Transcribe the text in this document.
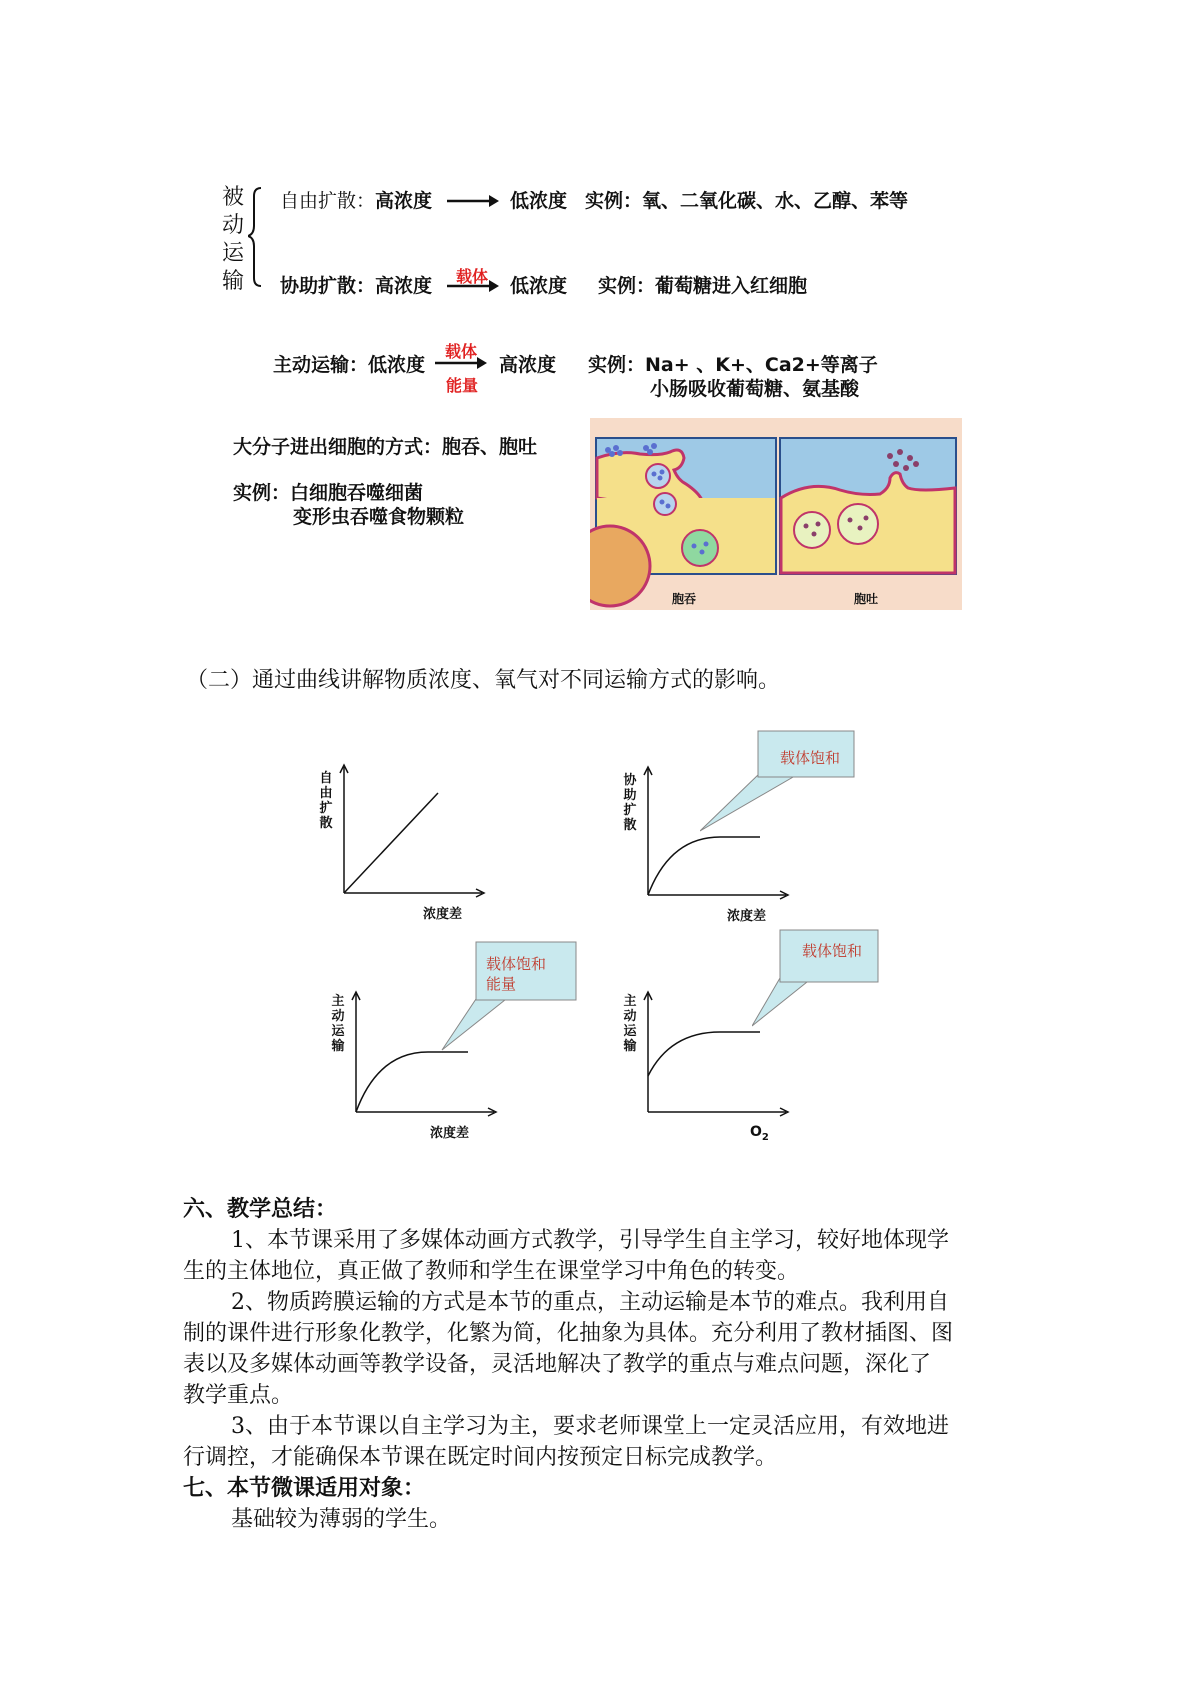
被
动
运
输
自由扩散：高浓度	低浓度 实例：氧、二氧化碳、水、乙醇、苯等
协助扩散：高浓度 载体 低浓度 实例：葡萄糖进入红细胞
主动运输：低浓度
载体
能量
高浓度 实例：Na+ 、K+、Ca2+等离子
小肠吸收葡萄糖、氨基酸
大分子进出细胞的方式：胞吞、胞吐
实例：白细胞吞噬细菌
变形虫吞噬食物颗粒
胞吞	胞吐
（二）通过曲线讲解物质浓度、氧气对不同运输方式的影响。
自
由
扩
散
浓度差
协
助
扩
散
浓度差
载体饱和
主
动
运
输
浓度差
载体饱和
能量
主
动
运
输
$O_2$
载体饱和
六、教学总结：
1、本节课采用了多媒体动画方式教学，引导学生自主学习，较好地体现学
生的主体地位，真正做了教师和学生在课堂学习中角色的转变。
2、物质跨膜运输的方式是本节的重点，主动运输是本节的难点。我利用自
制的课件进行形象化教学，化繁为简，化抽象为具体。充分利用了教材插图、图
表以及多媒体动画等教学设备，灵活地解决了教学的重点与难点问题，深化了
教学重点。
3、由于本节课以自主学习为主，要求老师课堂上一定灵活应用，有效地进
行调控，才能确保本节课在既定时间内按预定日标完成教学。
七、本节微课适用对象：
基础较为薄弱的学生。
